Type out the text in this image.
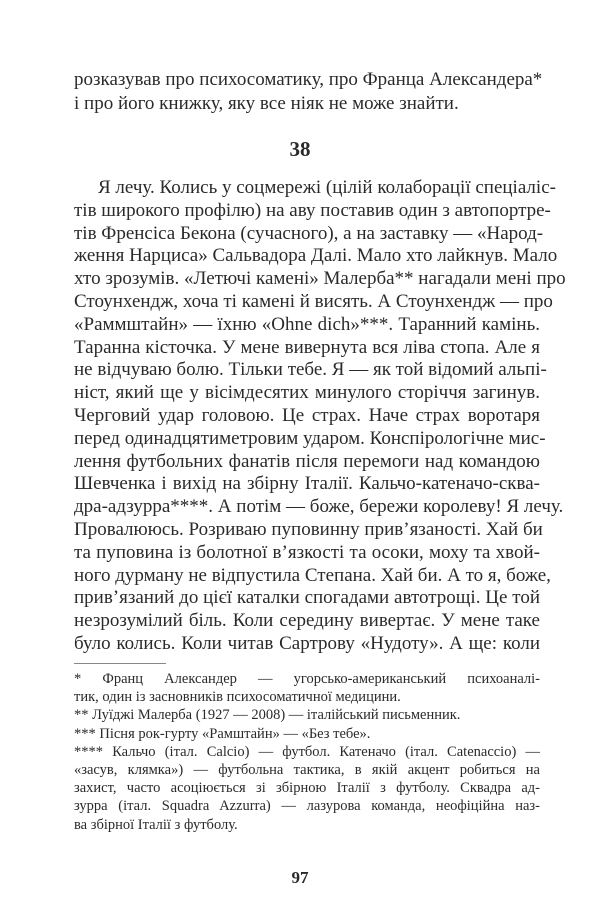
розказував про психосоматику, про Франца Александера*
і про його книжку, яку все ніяк не може знайти.
38
Я лечу. Колись у соцмережі (цілій колаборації спеціаліс-
тів широкого профілю) на аву поставив один з автопортре-
тів Френсіса Бекона (сучасного), а на заставку — «Народ-
ження Нарциса» Сальвадора Далі. Мало хто лайкнув. Мало
хто зрозумів. «Летючі камені» Малерба** нагадали мені про
Стоунхендж, хоча ті камені й висять. А Стоунхендж — про
«Раммштайн» — їхню «Ohne dich»***. Таранний камінь.
Таранна кісточка. У мене вивернута вся ліва стопа. Але я
не відчуваю болю. Тільки тебе. Я — як той відомий альпі-
ніст, який ще у вісімдесятих минулого сторіччя загинув.
Черговий удар головою. Це страх. Наче страх воротаря
перед одинадцятиметровим ударом. Конспірологічне мис-
лення футбольних фанатів після перемоги над командою
Шевченка і вихід на збірну Італії. Кальчо-катеначо-сква-
дра-адзурра****. А потім — боже, бережи королеву! Я лечу.
Провалююсь. Розриваю пуповинну прив’язаності. Хай би
та пуповина із болотної в’язкості та осоки, моху та хвой-
ного дурману не відпустила Степана. Хай би. А то я, боже,
прив’язаний до цієї каталки спогадами автотрощі. Це той
незрозумілий біль. Коли середину вивертає. У мене таке
було колись. Коли читав Сартрову «Нудоту». А ще: коли
* Франц Александер — угорсько-американський психоаналі-
тик, один із засновників психосоматичної медицини.
** Луїджі Малерба (1927 — 2008) — італійський письменник.
*** Пісня рок-гурту «Рамштайн» — «Без тебе».
**** Кальчо (італ. Calcio) — футбол. Катеначо (італ. Catenaccio) —
«засув, клямка») — футбольна тактика, в якій акцент робиться на
захист, часто асоціюється зі збірною Італії з футболу. Сквадра ад-
зурра (італ. Squadra Azzurra) — лазурова команда, неофіційна наз-
ва збірної Італії з футболу.
97
